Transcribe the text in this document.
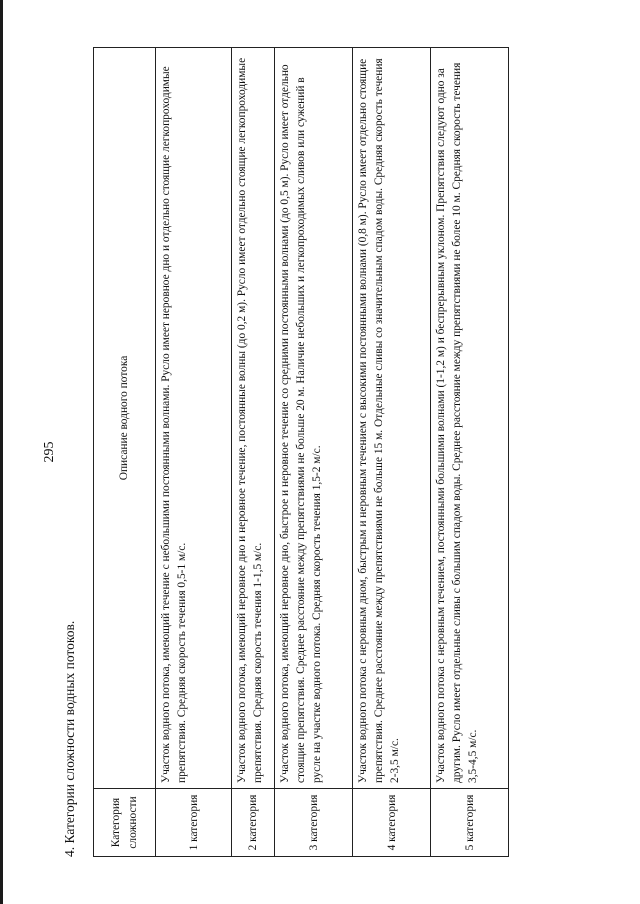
295
4. Категории сложности водных потоков.	Категория сложности	Описание водного потока
1 категория	Участок водного потока, имеющий течение с небольшими постоянными волнами. Русло имеет неровное дно и отдельно стоящие легкопроходимые препятствия. Средняя скорость течения 0,5-1 м/с.
2 категория	Участок водного потока, имеющий неровное дно и неровное течение, постоянные волны (до 0,2 м). Русло имеет отдельно стоящие легкопроходимые препятствия. Средняя скорость течения 1-1,5 м/с.
3 категория	Участок водного потока, имеющий неровное дно, быстрое и неровное течение со средними постоянными волнами (до 0,5 м). Русло имеет отдельно стоящие препятствия. Среднее расстояние между препятствиями не больше 20 м. Наличие небольших и легкопроходимых сливов или сужений в русле на участке водного потока. Средняя скорость течения 1,5-2 м/с.
4 категория	Участок водного потока с неровным дном, быстрым и неровным течением с высокими постоянными волнами (0,8 м). Русло имеет отдельно стоящие препятствия. Среднее расстояние между препятствиями не больше 15 м. Отдельные сливы со значительным спадом воды. Средняя скорость течения 2-3,5 м/с.
5 категория	Участок водного потока с неровным течением, постоянными большими волнами (1-1,2 м) и беспрерывным уклоном. Препятствия следуют одно за другим. Русло имеет отдельные сливы с большим спадом воды. Среднее расстояние между препятствиями не более 10 м. Средняя скорость течения 3,5-4,5 м/с.
